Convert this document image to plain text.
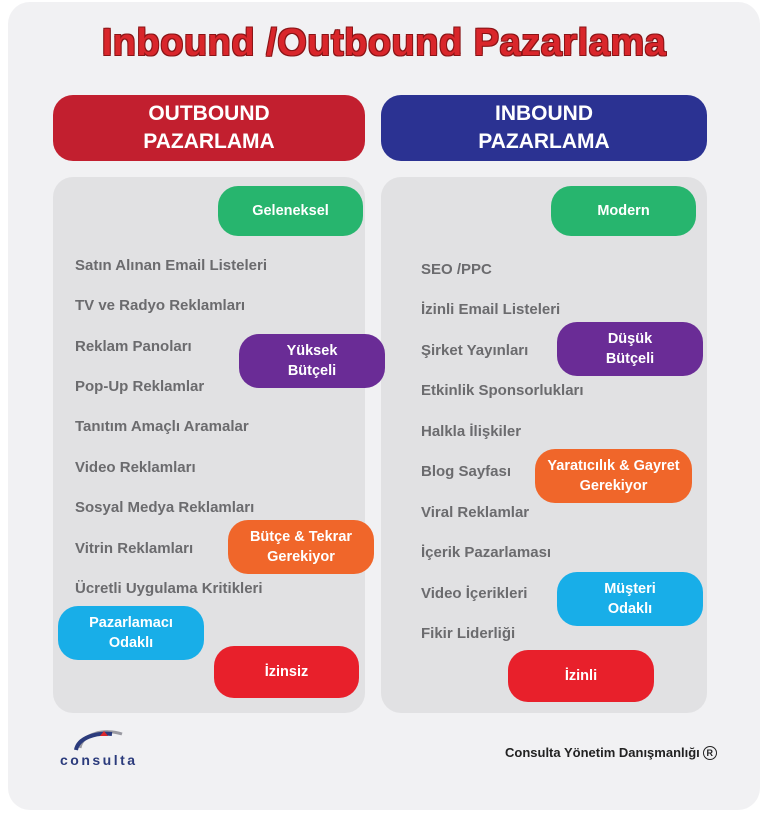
Inbound /Outbound Pazarlama
OUTBOUND
PAZARLAMA
INBOUND
PAZARLAMA
Satın Alınan Email Listeleri
TV ve Radyo Reklamları
Reklam Panoları
Pop-Up Reklamlar
Tanıtım Amaçlı Aramalar
Video Reklamları
Sosyal Medya Reklamları
Vitrin Reklamları
Ücretli Uygulama Kritikleri
Geleneksel
Yüksek
Bütçeli
Bütçe & Tekrar
Gerekiyor
Pazarlamacı
Odaklı
İzinsiz
SEO /PPC
İzinli Email Listeleri
Şirket Yayınları
Etkinlik Sponsorlukları
Halkla İlişkiler
Blog Sayfası
Viral Reklamlar
İçerik Pazarlaması
Video İçerikleri
Fikir Liderliği
Modern
Düşük
Bütçeli
Yaratıcılık & Gayret
Gerekiyor
Müşteri
Odaklı
İzinli
consulta	Consulta Yönetim Danışmanlığı R
